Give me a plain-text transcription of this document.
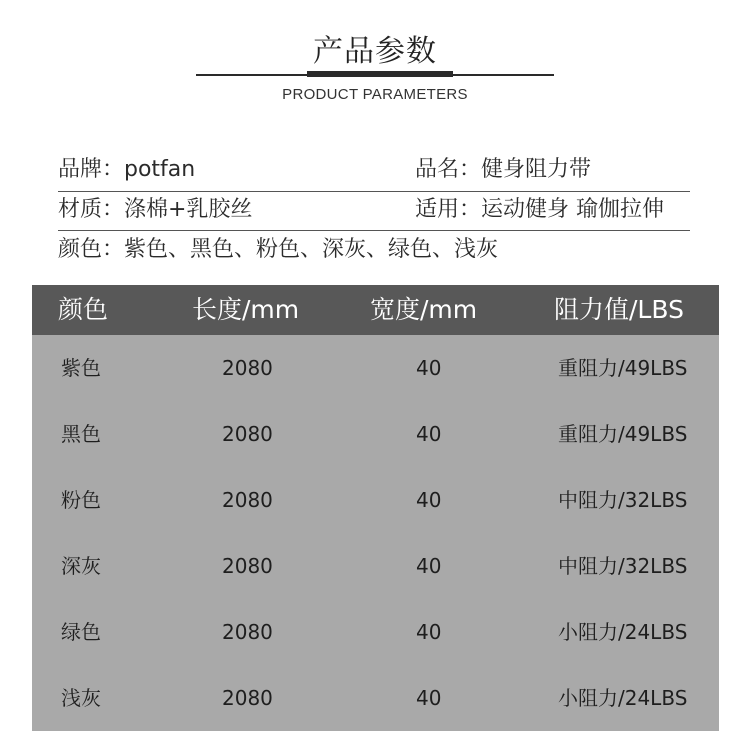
产品参数
PRODUCT PARAMETERS
品牌：potfan	品名：健身阻力带
材质：涤棉+乳胶丝	适用：运动健身 瑜伽拉伸
颜色：紫色、黑色、粉色、深灰、绿色、浅灰
颜色	长度/mm	宽度/mm	阻力值/LBS
紫色	2080	40	重阻力/49LBS
黑色	2080	40	重阻力/49LBS
粉色	2080	40	中阻力/32LBS
深灰	2080	40	中阻力/32LBS
绿色	2080	40	小阻力/24LBS
浅灰	2080	40	小阻力/24LBS
